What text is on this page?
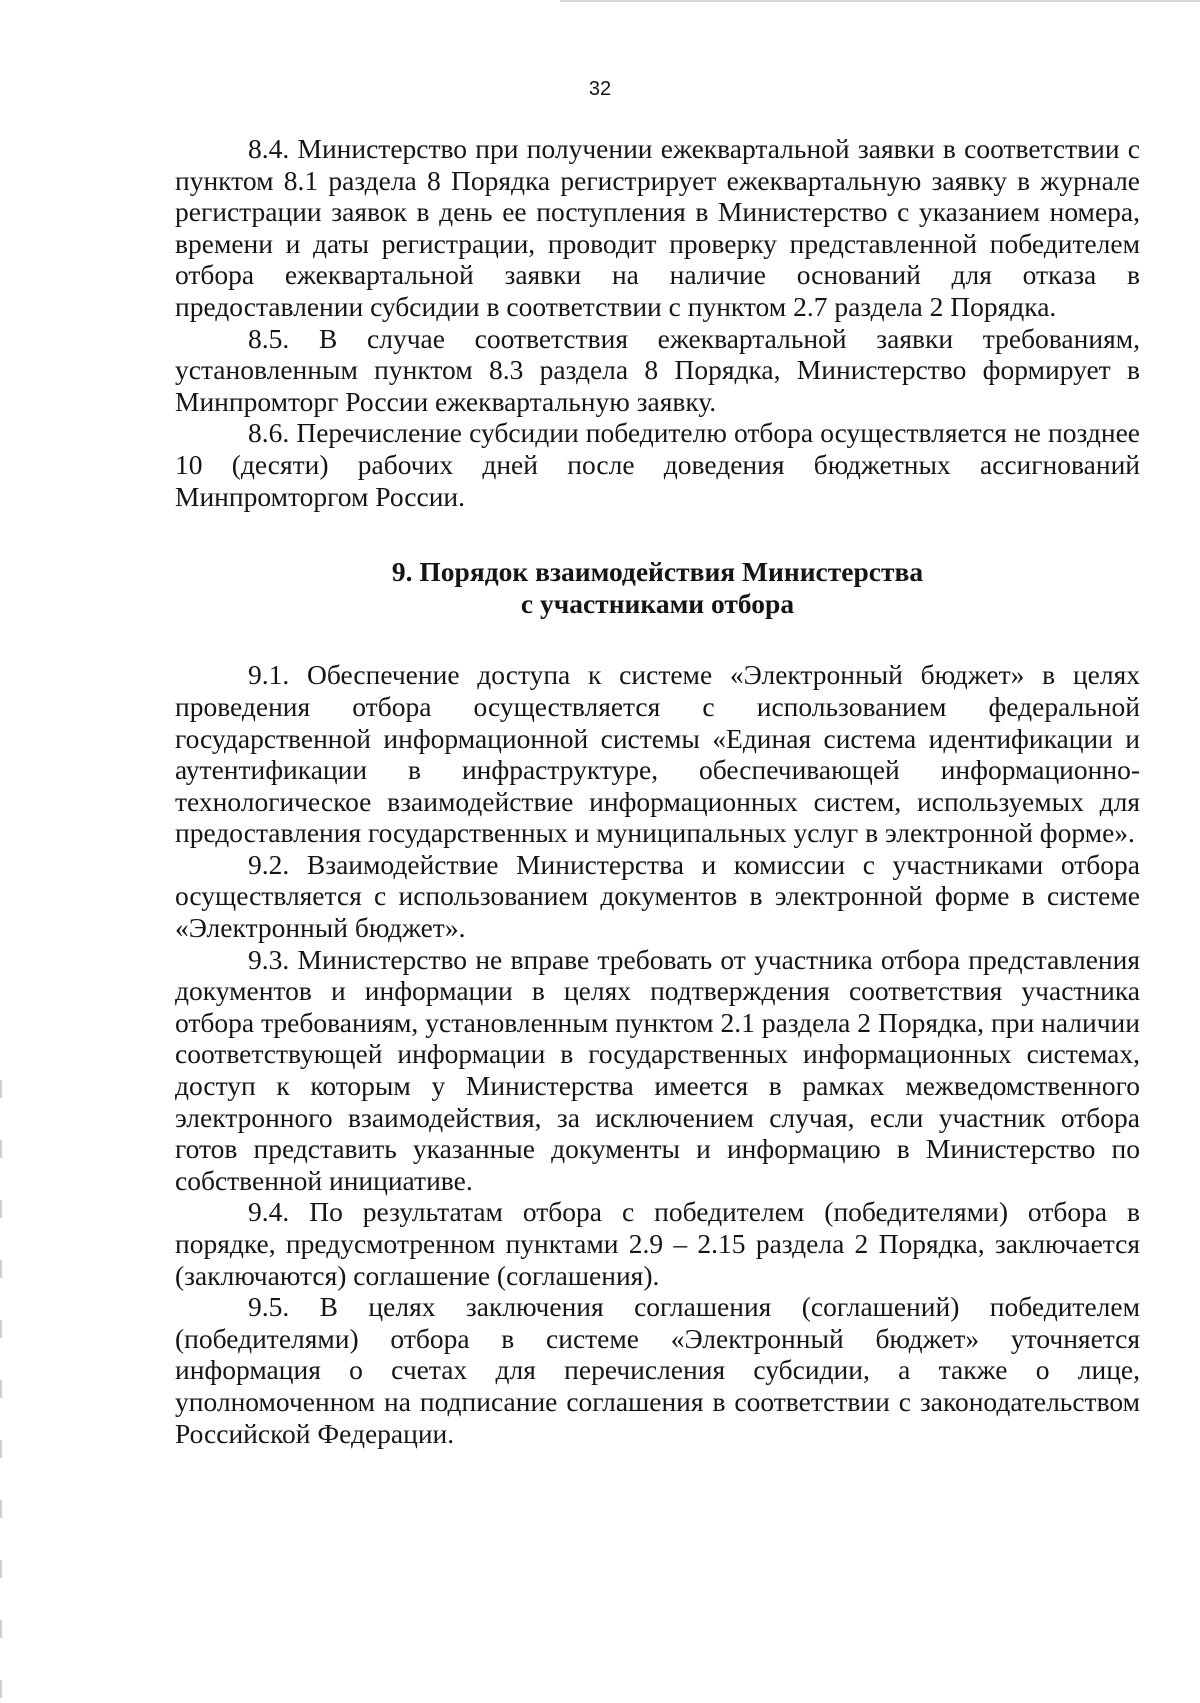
32

8.4. Министерство при получении ежеквартальной заявки в соответствии с пунктом 8.1 раздела 8 Порядка регистрирует ежеквартальную заявку в журнале регистрации заявок в день ее поступления в Министерство с указанием номера, времени и даты регистрации, проводит проверку представленной победителем отбора ежеквартальной заявки на наличие оснований для отказа в предоставлении субсидии в соответствии с пунктом 2.7 раздела 2 Порядка.

8.5. В случае соответствия ежеквартальной заявки требованиям, установленным пунктом 8.3 раздела 8 Порядка, Министерство формирует в Минпромторг России ежеквартальную заявку.

8.6. Перечисление субсидии победителю отбора осуществляется не позднее 10 (десяти) рабочих дней после доведения бюджетных ассигнований Минпромторгом России.

9. Порядок взаимодействия Министерства
с участниками отбора

9.1. Обеспечение доступа к системе «Электронный бюджет» в целях проведения отбора осуществляется с использованием федеральной государственной информационной системы «Единая система идентификации и аутентификации в инфраструктуре, обеспечивающей информационно-технологическое взаимодействие информационных систем, используемых для предоставления государственных и муниципальных услуг в электронной форме».

9.2. Взаимодействие Министерства и комиссии с участниками отбора осуществляется с использованием документов в электронной форме в системе «Электронный бюджет».

9.3. Министерство не вправе требовать от участника отбора представления документов и информации в целях подтверждения соответствия участника отбора требованиям, установленным пунктом 2.1 раздела 2 Порядка, при наличии соответствующей информации в государственных информационных системах, доступ к которым у Министерства имеется в рамках межведомственного электронного взаимодействия, за исключением случая, если участник отбора готов представить указанные документы и информацию в Министерство по собственной инициативе.

9.4. По результатам отбора с победителем (победителями) отбора в порядке, предусмотренном пунктами 2.9 – 2.15 раздела 2 Порядка, заключается (заключаются) соглашение (соглашения).

9.5. В целях заключения соглашения (соглашений) победителем (победителями) отбора в системе «Электронный бюджет» уточняется информация о счетах для перечисления субсидии, а также о лице, уполномоченном на подписание соглашения в соответствии с законодательством Российской Федерации.
